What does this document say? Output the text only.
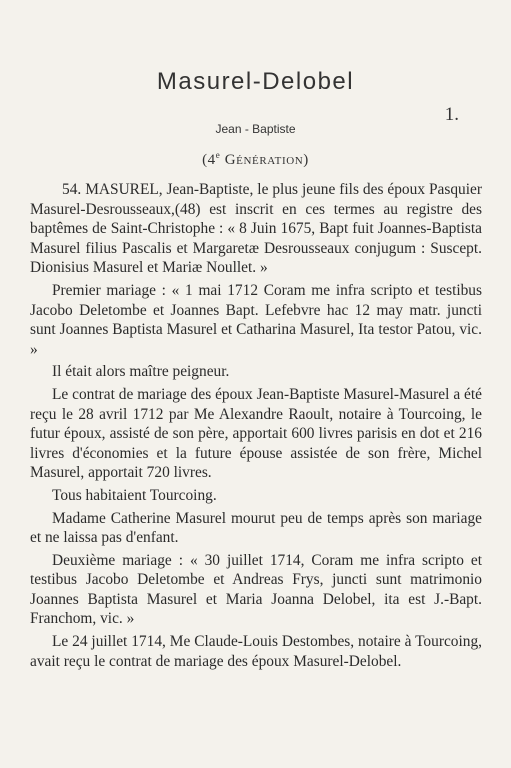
Masurel-Delobel
1.
Jean - Baptiste
(4e Génération)

54. MASUREL, Jean-Baptiste, le plus jeune fils des époux Pasquier Masurel-Desrousseaux,(48) est inscrit en ces termes au registre des baptêmes de Saint-Christophe : « 8 Juin 1675, Bapt fuit Joannes-Baptista Masurel filius Pascalis et Margaretæ Desrousseaux conjugum : Suscept. Dionisius Masurel et Mariæ Noullet. »

Premier mariage : « 1 mai 1712 Coram me infra scripto et testibus Jacobo Deletombe et Joannes Bapt. Lefebvre hac 12 may matr. juncti sunt Joannes Baptista Masurel et Catharina Masurel, Ita testor Patou, vic. »

Il était alors maître peigneur.

Le contrat de mariage des époux Jean-Baptiste Masurel-Masurel a été reçu le 28 avril 1712 par Me Alexandre Raoult, notaire à Tourcoing, le futur époux, assisté de son père, apportait 600 livres parisis en dot et 216 livres d'économies et la future épouse assistée de son frère, Michel Masurel, apportait 720 livres.

Tous habitaient Tourcoing.

Madame Catherine Masurel mourut peu de temps après son mariage et ne laissa pas d'enfant.

Deuxième mariage : « 30 juillet 1714, Coram me infra scripto et testibus Jacobo Deletombe et Andreas Frys, juncti sunt matrimonio Joannes Baptista Masurel et Maria Joanna Delobel, ita est J.-Bapt. Franchom, vic. »

Le 24 juillet 1714, Me Claude-Louis Destombes, notaire à Tourcoing, avait reçu le contrat de mariage des époux Masurel-Delobel.
